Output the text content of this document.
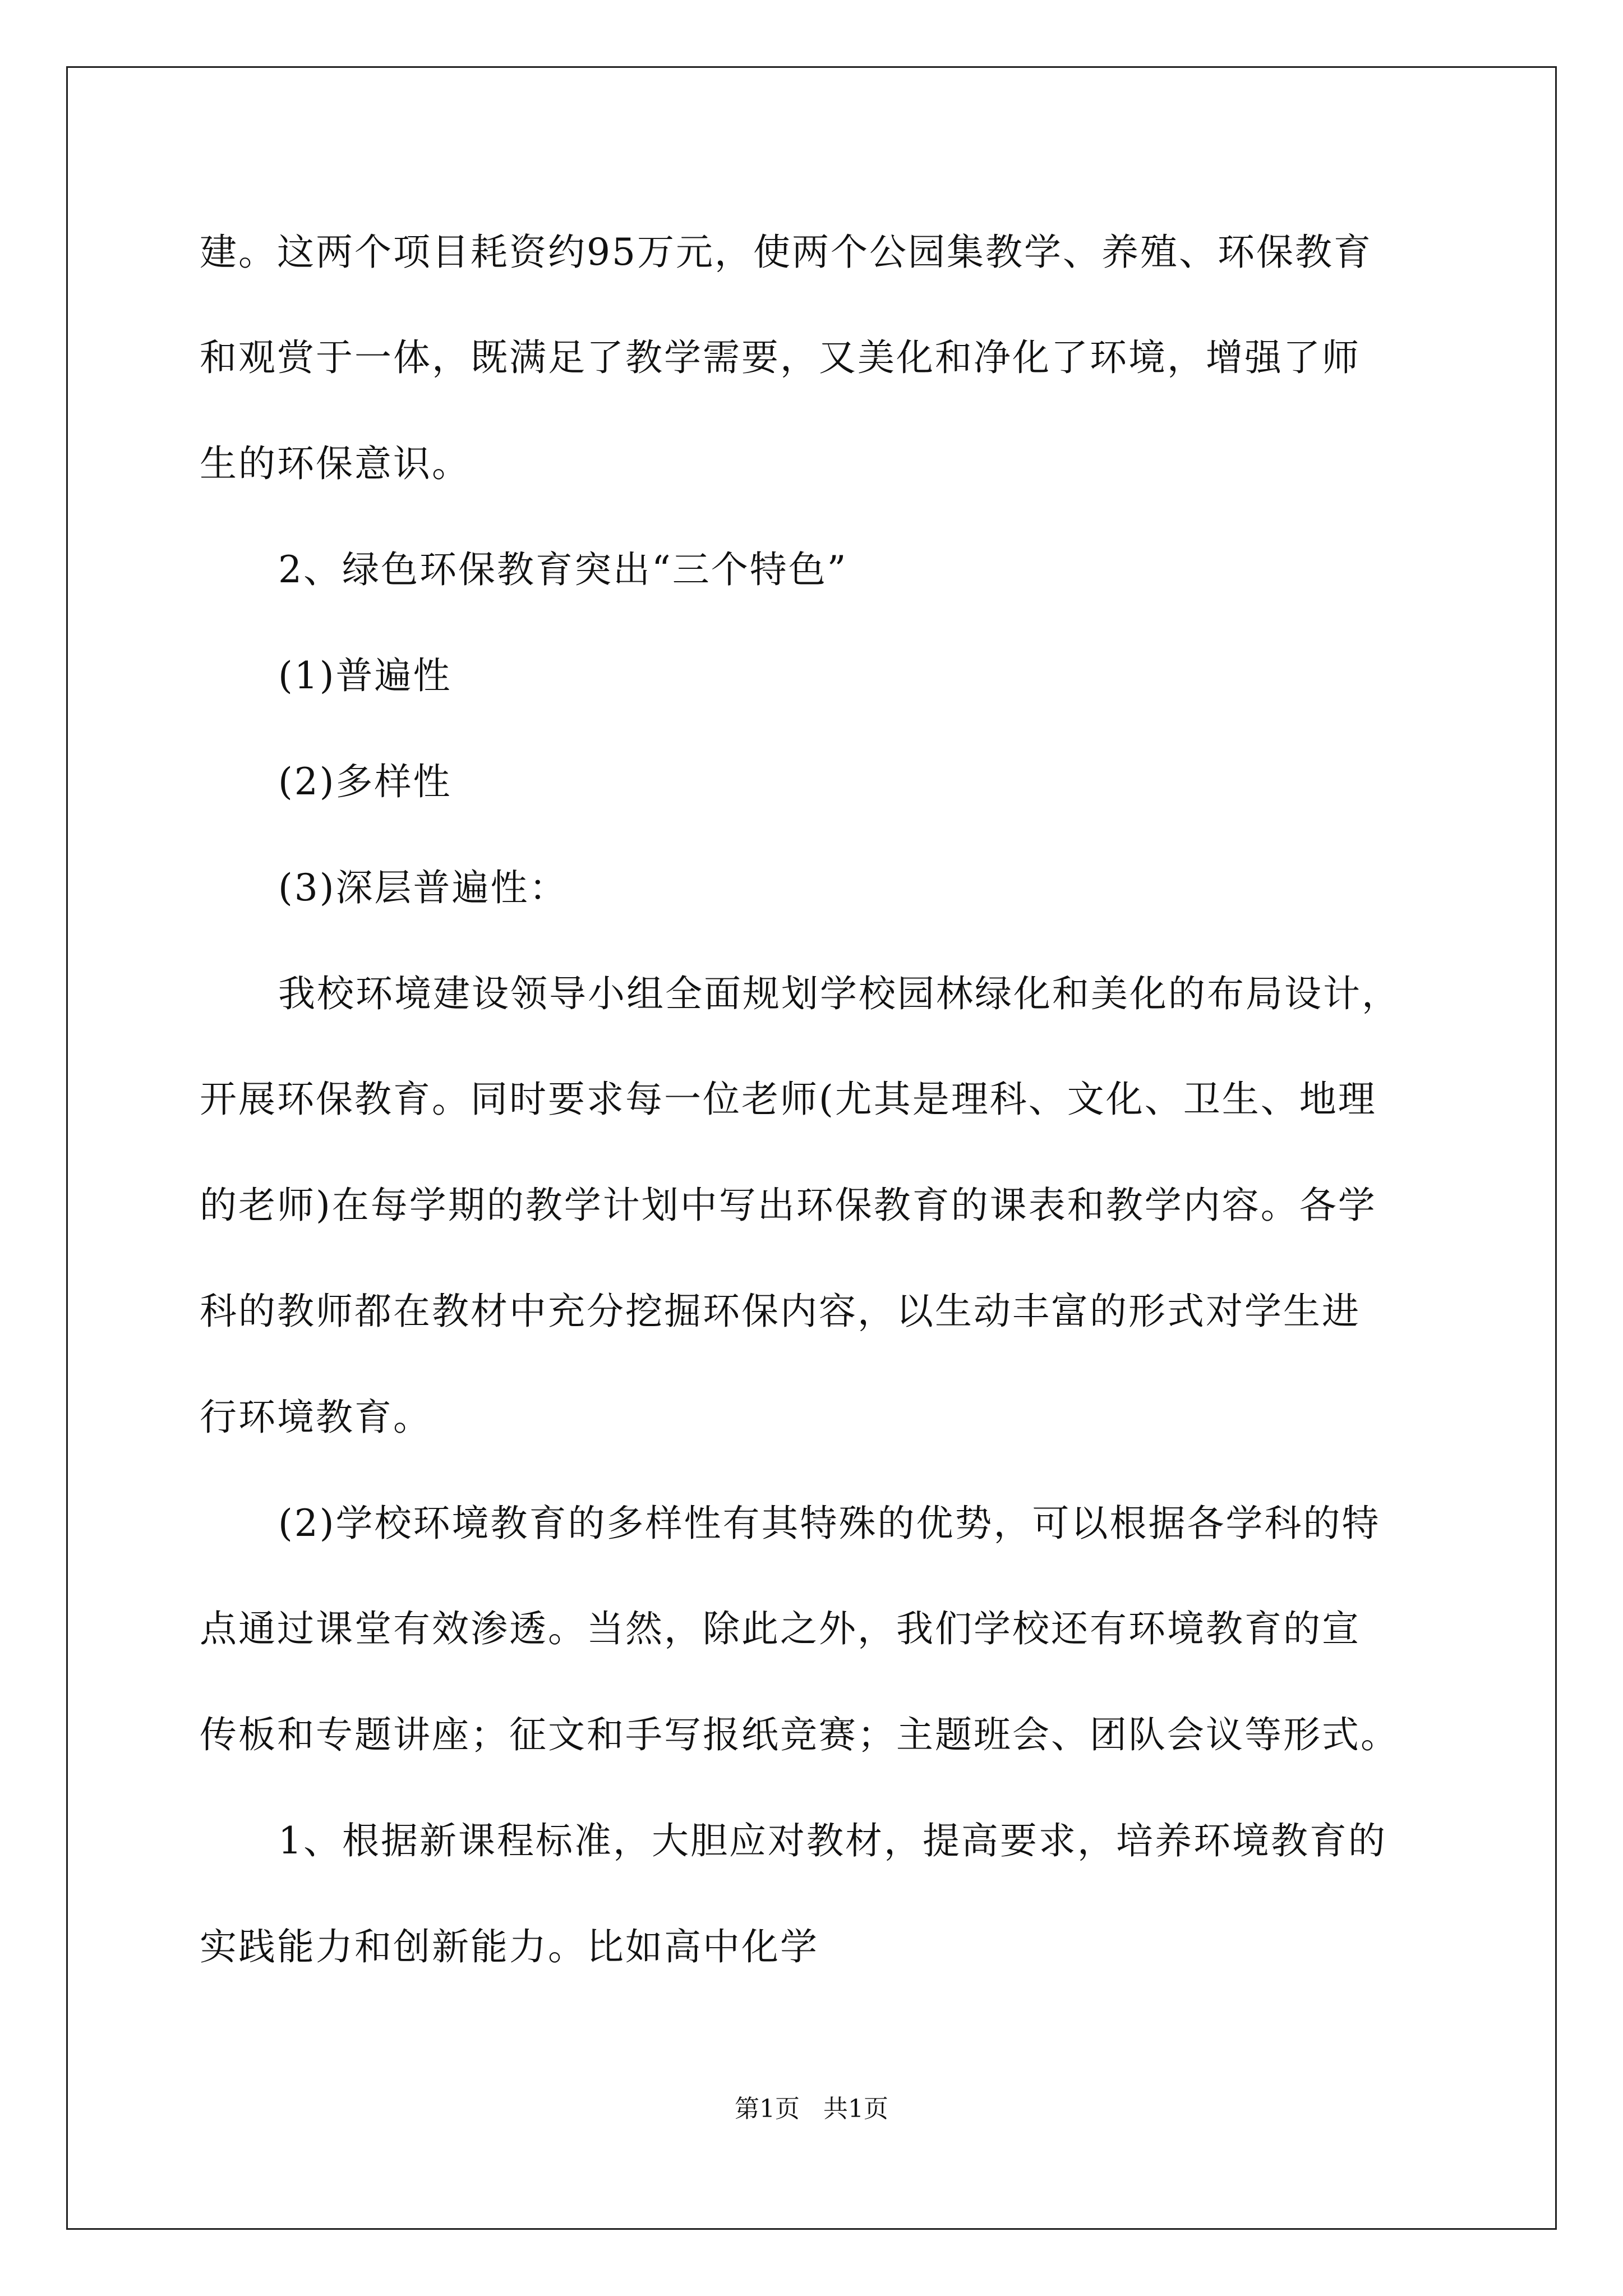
建。这两个项目耗资约95万元，使两个公园集教学、养殖、环保教育
和观赏于一体，既满足了教学需要，又美化和净化了环境，增强了师
生的环保意识。
2、绿色环保教育突出“三个特色”
(1)普遍性
(2)多样性
(3)深层普遍性：
我校环境建设领导小组全面规划学校园林绿化和美化的布局设计，
开展环保教育。同时要求每一位老师(尤其是理科、文化、卫生、地理
的老师)在每学期的教学计划中写出环保教育的课表和教学内容。各学
科的教师都在教材中充分挖掘环保内容，以生动丰富的形式对学生进
行环境教育。
(2)学校环境教育的多样性有其特殊的优势，可以根据各学科的特
点通过课堂有效渗透。当然，除此之外，我们学校还有环境教育的宣
传板和专题讲座；征文和手写报纸竞赛；主题班会、团队会议等形式。
1、根据新课程标准，大胆应对教材，提高要求，培养环境教育的
实践能力和创新能力。比如高中化学
第1页   共1页
